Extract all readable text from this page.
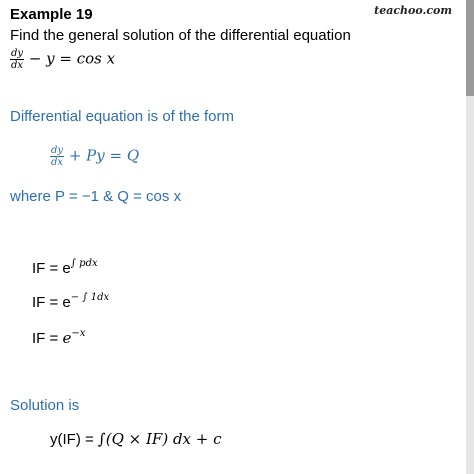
teachoo.com
Example 19
Find the general solution of the differential equation
$\frac{dy}{dx} - y = \cos x$
Differential equation is of the form
$\frac{dy}{dx} + Py = Q$
where P = −1 & Q = cos x
IF = $e^{\int pdx}$
IF = $e^{- \int 1dx}$
IF = $e^{-x}$
Solution is
y(IF) = ∫(Q × IF) dx + c
